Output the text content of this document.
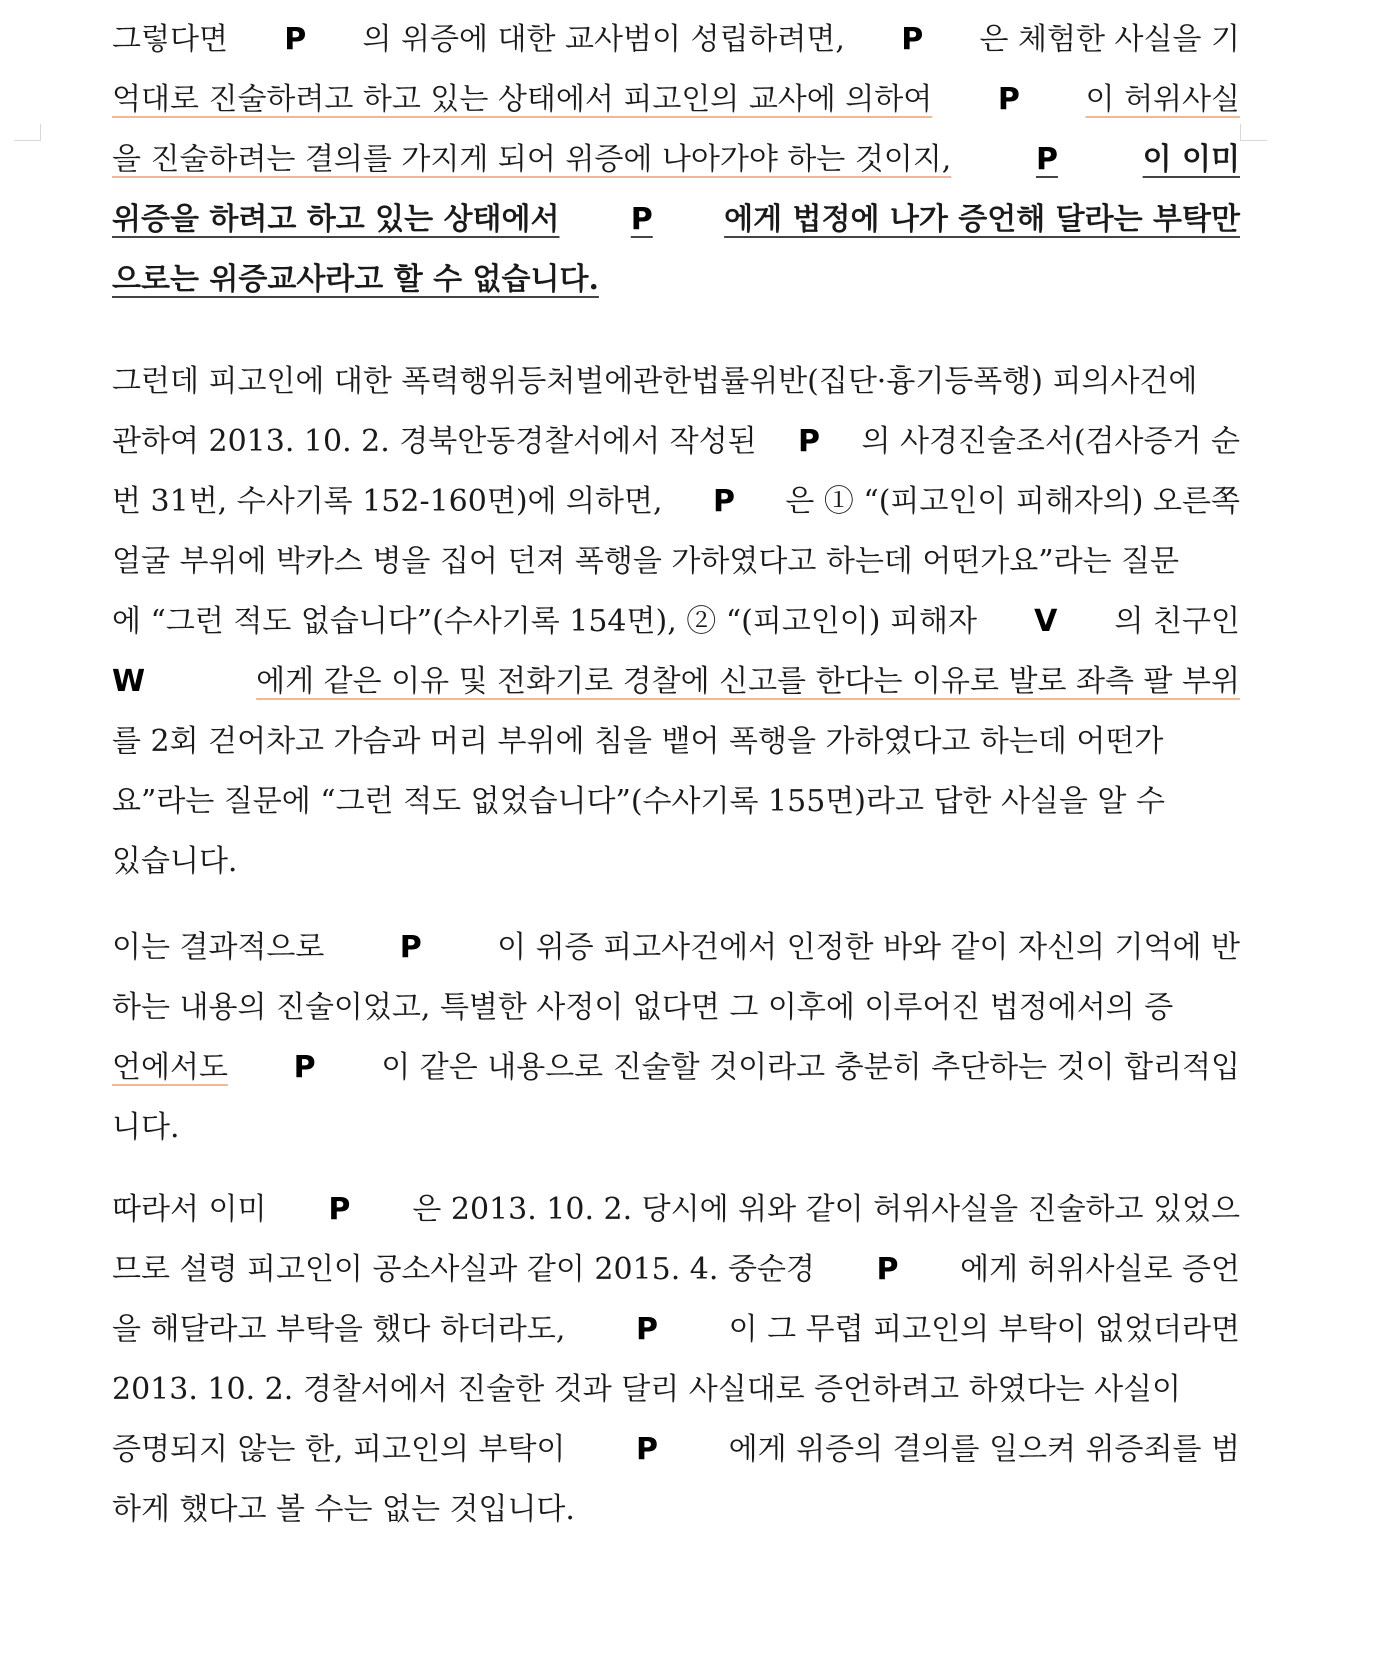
그렇다면	P	의 위증에 대한 교사범이 성립하려면,	P	은 체험한 사실을 기
억대로 진술하려고 하고 있는 상태에서 피고인의 교사에 의하여	P	이 허위사실
을 진술하려는 결의를 가지게 되어 위증에 나아가야 하는 것이지,	P	이 이미
위증을 하려고 하고 있는 상태에서	P	에게 법정에 나가 증언해 달라는 부탁만
으로는 위증교사라고 할 수 없습니다.
그런데 피고인에 대한 폭력행위등처벌에관한법률위반(집단·흉기등폭행) 피의사건에
관하여 2013. 10. 2. 경북안동경찰서에서 작성된	P	의 사경진술조서(검사증거 순
번 31번, 수사기록 152-160면)에 의하면,	P	은 ① “(피고인이 피해자의) 오른쪽
얼굴 부위에 박카스 병을 집어 던져 폭행을 가하였다고 하는데 어떤가요”라는 질문
에 “그런 적도 없습니다”(수사기록 154면), ② “(피고인이) 피해자	V	의 친구인
W	에게 같은 이유 및 전화기로 경찰에 신고를 한다는 이유로 발로 좌측 팔 부위
를 2회 걷어차고 가슴과 머리 부위에 침을 뱉어 폭행을 가하였다고 하는데 어떤가
요”라는 질문에 “그런 적도 없었습니다”(수사기록 155면)라고 답한 사실을 알 수
있습니다.
이는 결과적으로	P	이 위증 피고사건에서 인정한 바와 같이 자신의 기억에 반
하는 내용의 진술이었고, 특별한 사정이 없다면 그 이후에 이루어진 법정에서의 증
언에서도	P	이 같은 내용으로 진술할 것이라고 충분히 추단하는 것이 합리적입
니다.
따라서 이미	P	은 2013. 10. 2. 당시에 위와 같이 허위사실을 진술하고 있었으
므로 설령 피고인이 공소사실과 같이 2015. 4. 중순경	P	에게 허위사실로 증언
을 해달라고 부탁을 했다 하더라도,	P	이 그 무렵 피고인의 부탁이 없었더라면
2013. 10. 2. 경찰서에서 진술한 것과 달리 사실대로 증언하려고 하였다는 사실이
증명되지 않는 한, 피고인의 부탁이	P	에게 위증의 결의를 일으켜 위증죄를 범
하게 했다고 볼 수는 없는 것입니다.
